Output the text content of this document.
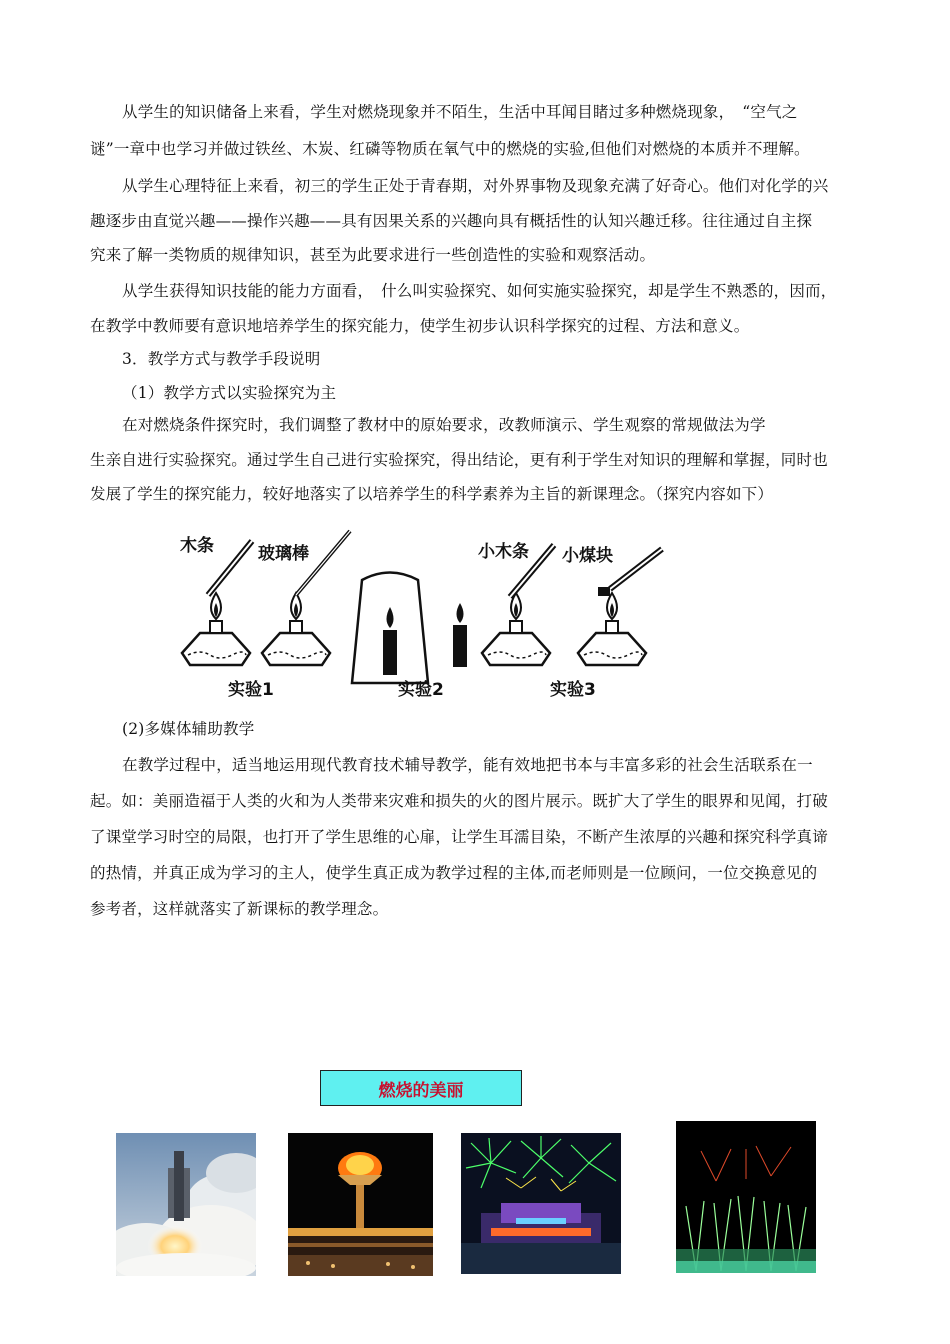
从学生的知识储备上来看，学生对燃烧现象并不陌生，生活中耳闻目睹过多种燃烧现象，　“空气之
谜”一章中也学习并做过铁丝、木炭、红磷等物质在氧气中的燃烧的实验,但他们对燃烧的本质并不理解。
从学生心理特征上来看，初三的学生正处于青春期，对外界事物及现象充满了好奇心。他们对化学的兴
趣逐步由直觉兴趣——操作兴趣——具有因果关系的兴趣向具有概括性的认知兴趣迁移。往往通过自主探
究来了解一类物质的规律知识，甚至为此要求进行一些创造性的实验和观察活动。
从学生获得知识技能的能力方面看，　什么叫实验探究、如何实施实验探究，却是学生不熟悉的，因而，
在教学中教师要有意识地培养学生的探究能力，使学生初步认识科学探究的过程、方法和意义。
3．教学方式与教学手段说明
（1）教学方式以实验探究为主
在对燃烧条件探究时，我们调整了教材中的原始要求，改教师演示、学生观察的常规做法为学
生亲自进行实验探究。通过学生自己进行实验探究，得出结论，更有利于学生对知识的理解和掌握，同时也
发展了学生的探究能力，较好地落实了以培养学生的科学素养为主旨的新课理念。（探究内容如下）
木条	玻璃棒	小木条 小煤块
实验1	实验2	实验3
(2)多媒体辅助教学
在教学过程中，适当地运用现代教育技术辅导教学，能有效地把书本与丰富多彩的社会生活联系在一
起。如：美丽造福于人类的火和为人类带来灾难和损失的火的图片展示。既扩大了学生的眼界和见闻，打破
了课堂学习时空的局限，也打开了学生思维的心扉，让学生耳濡目染，不断产生浓厚的兴趣和探究科学真谛
的热情，并真正成为学习的主人，使学生真正成为教学过程的主体,而老师则是一位顾问，一位交换意见的
参考者，这样就落实了新课标的教学理念。
燃烧的美丽
